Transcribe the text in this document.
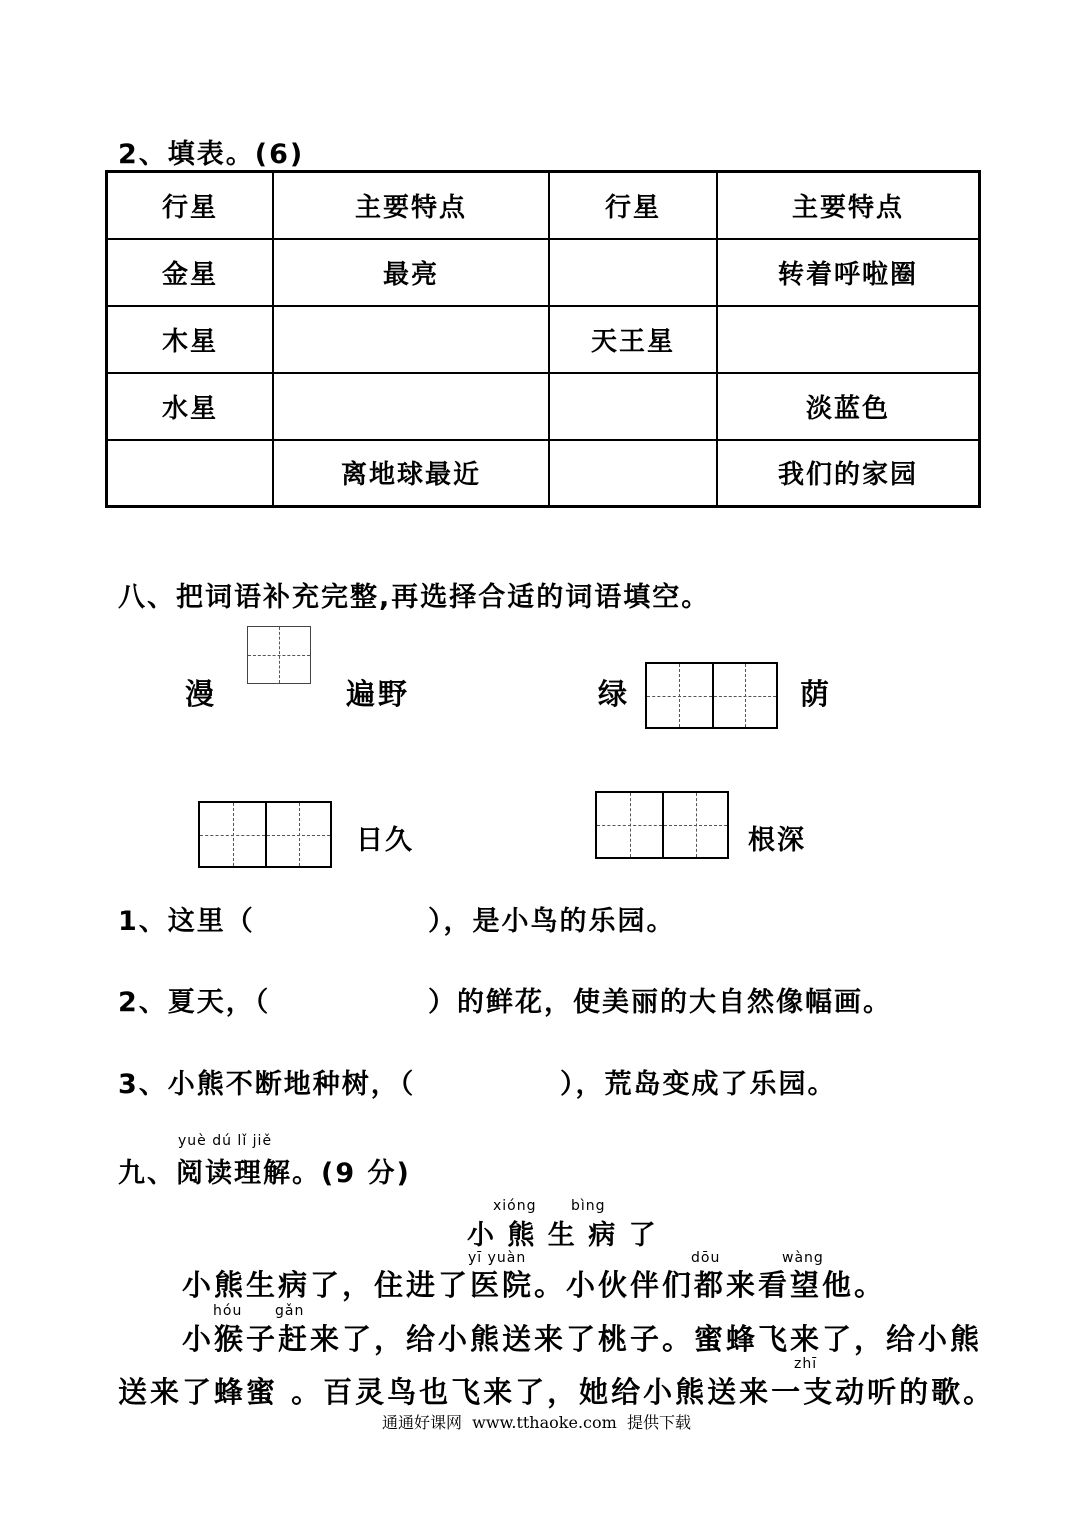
2、填表。(6)
行星	主要特点	行星	主要特点
金星	最亮		转着呼啦圈
木星		天王星	
水星			淡蓝色
	离地球最近		我们的家园
八、把词语补充完整,再选择合适的词语填空。
漫	遍野	绿	荫
日久	根深
1、这里（	），是小鸟的乐园。
2、夏天，（	）的鲜花，使美丽的大自然像幅画。
3、小熊不断地种树，（	），荒岛变成了乐园。
yuè dú lǐ jiě
九、阅读理解。(9 分)
xióng bìng
小 熊 生 病 了
yī yuàn	dōu	wàng
小熊生病了，住进了医院。小伙伴们都来看望他。
hóu gǎn
小猴子赶来了，给小熊送来了桃子。蜜蜂飞来了，给小熊
zhī
送来了蜂蜜 。百灵鸟也飞来了，她给小熊送来一支动听的歌。
通通好课网  www.tthaoke.com  提供下载
